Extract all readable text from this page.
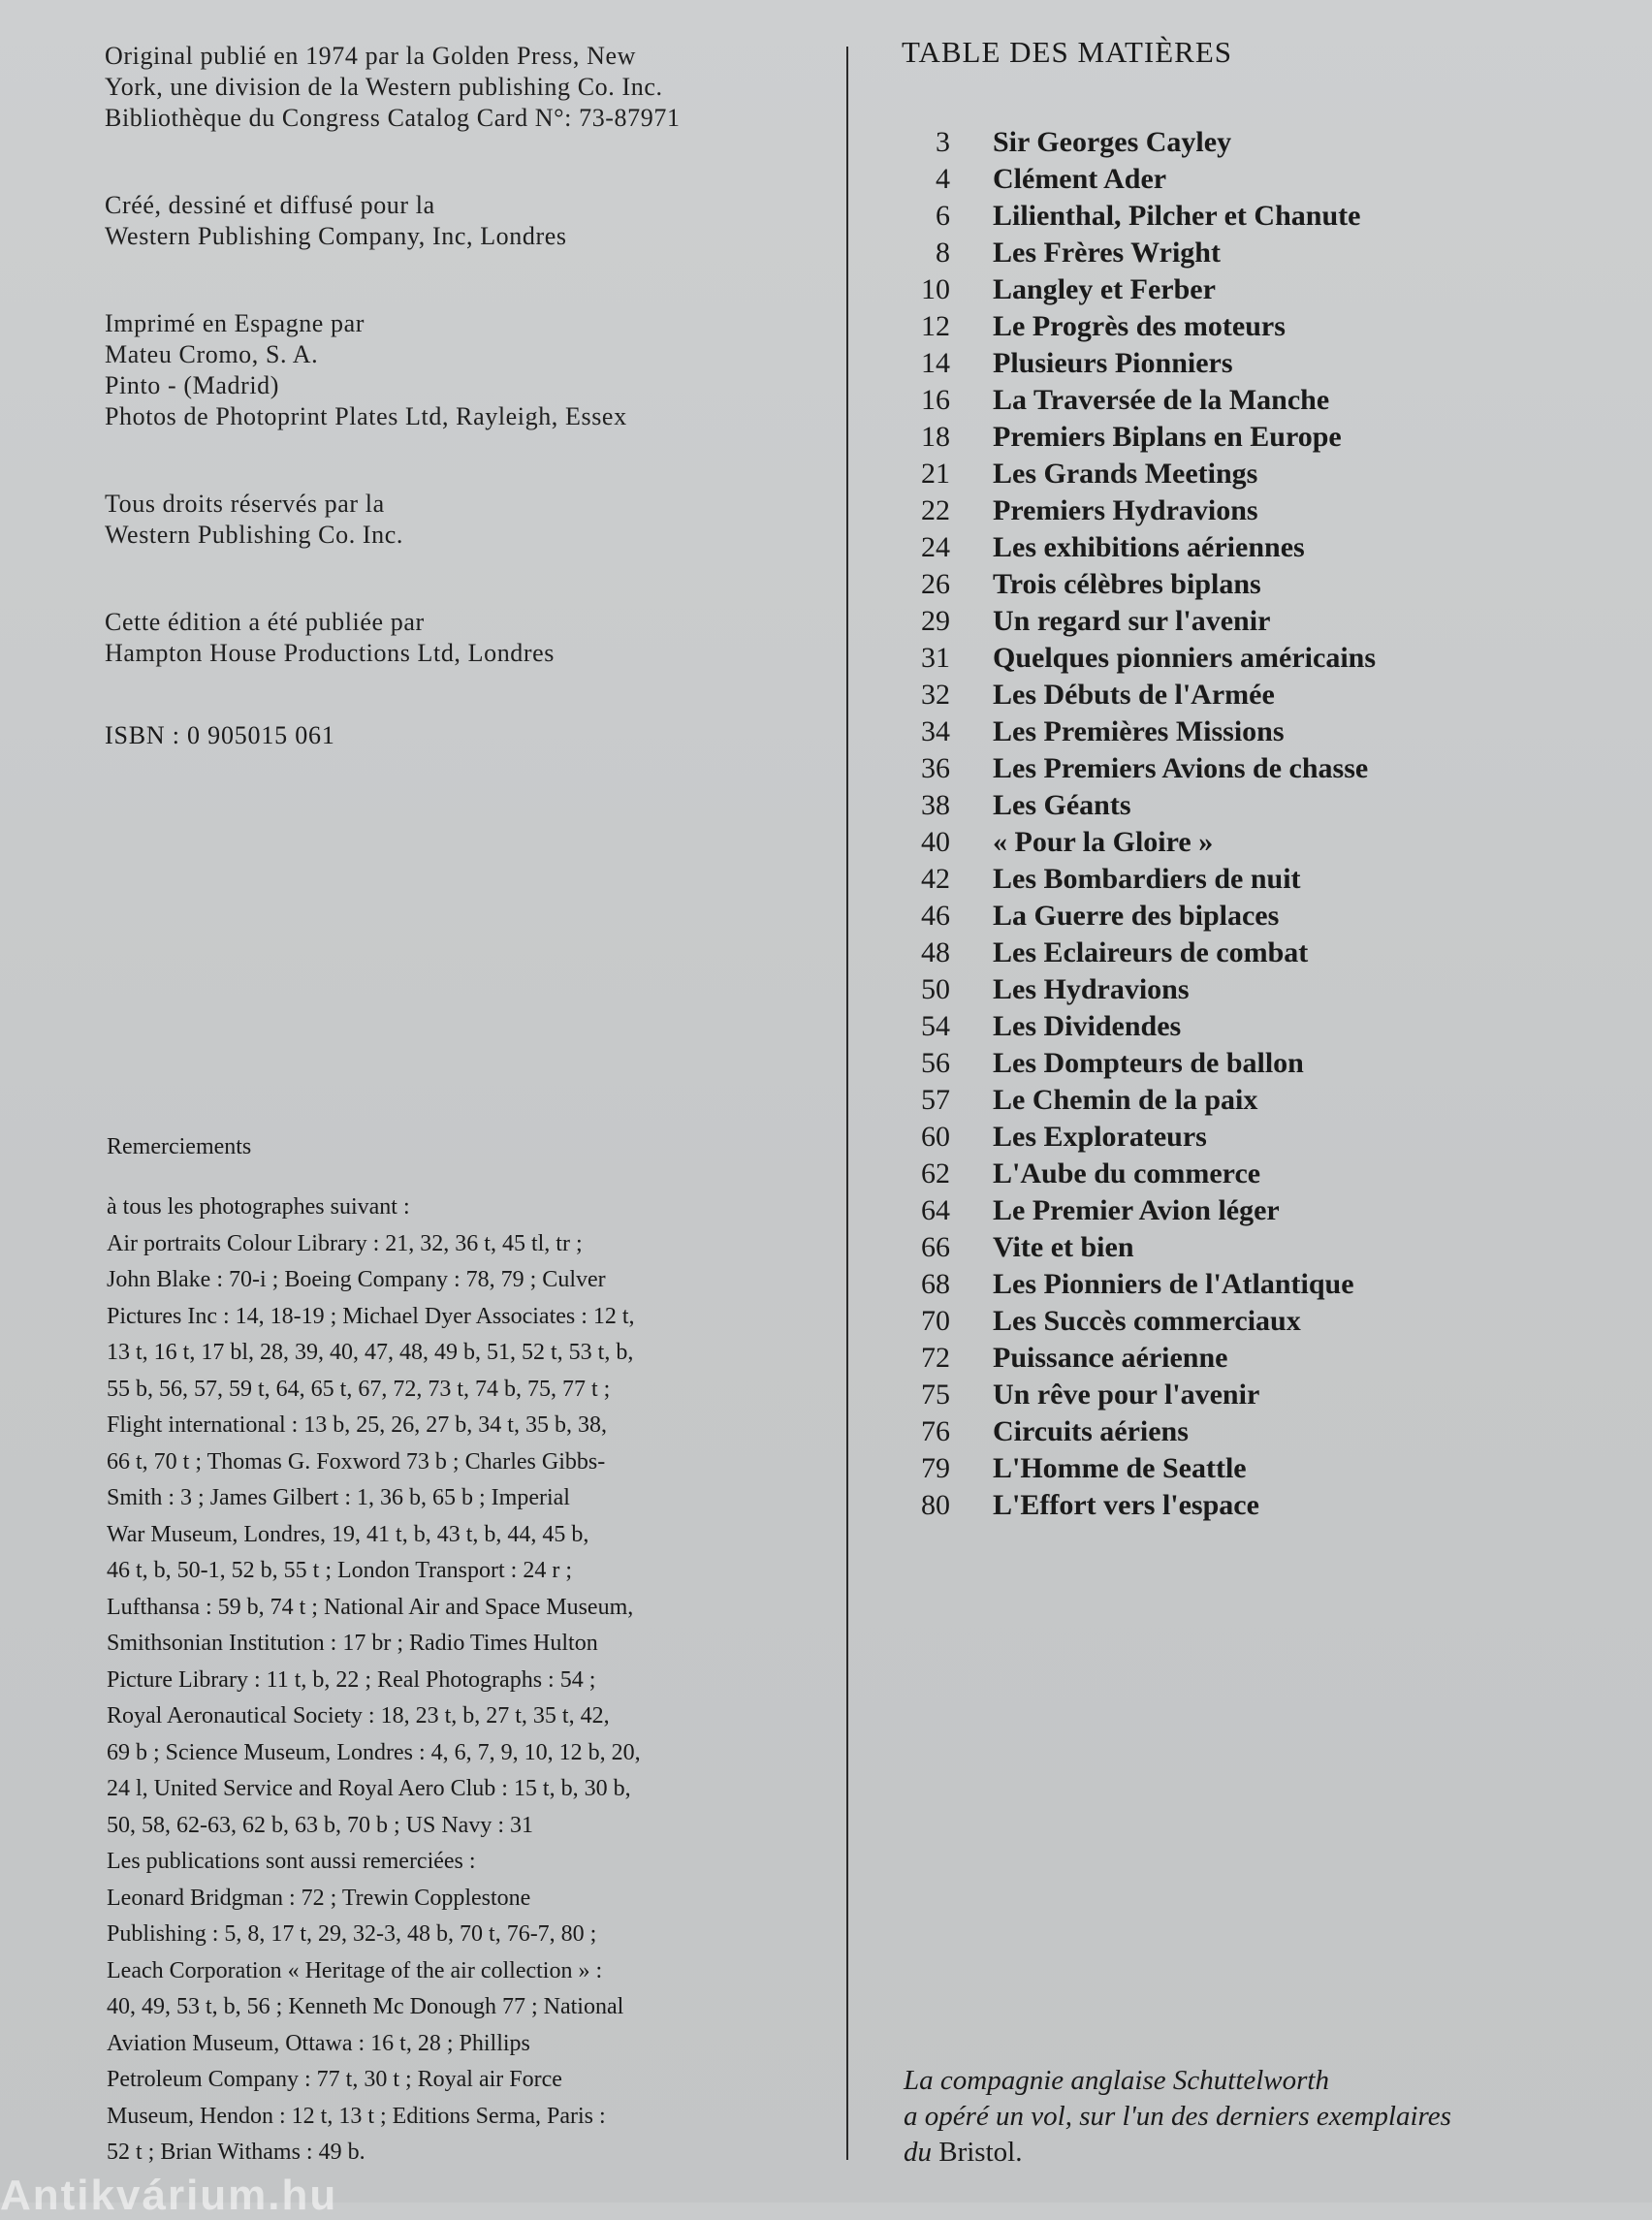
Original publié en 1974 par la Golden Press, New
York, une division de la Western publishing Co. Inc.
Bibliothèque du Congress Catalog Card N°: 73-87971
Créé, dessiné et diffusé pour la
Western Publishing Company, Inc, Londres
Imprimé en Espagne par
Mateu Cromo, S. A.
Pinto - (Madrid)
Photos de Photoprint Plates Ltd, Rayleigh, Essex
Tous droits réservés par la
Western Publishing Co. Inc.
Cette édition a été publiée par
Hampton House Productions Ltd, Londres
ISBN : 0 905015 061
Remerciements
à tous les photographes suivant :
Air portraits Colour Library : 21, 32, 36 t, 45 tl, tr ;
John Blake : 70-i ; Boeing Company : 78, 79 ; Culver
Pictures Inc : 14, 18-19 ; Michael Dyer Associates : 12 t,
13 t, 16 t, 17 bl, 28, 39, 40, 47, 48, 49 b, 51, 52 t, 53 t, b,
55 b, 56, 57, 59 t, 64, 65 t, 67, 72, 73 t, 74 b, 75, 77 t ;
Flight international : 13 b, 25, 26, 27 b, 34 t, 35 b, 38,
66 t, 70 t ; Thomas G. Foxword 73 b ; Charles Gibbs-
Smith : 3 ; James Gilbert : 1, 36 b, 65 b ; Imperial
War Museum, Londres, 19, 41 t, b, 43 t, b, 44, 45 b,
46 t, b, 50-1, 52 b, 55 t ; London Transport : 24 r ;
Lufthansa : 59 b, 74 t ; National Air and Space Museum,
Smithsonian Institution : 17 br ; Radio Times Hulton
Picture Library : 11 t, b, 22 ; Real Photographs : 54 ;
Royal Aeronautical Society : 18, 23 t, b, 27 t, 35 t, 42,
69 b ; Science Museum, Londres : 4, 6, 7, 9, 10, 12 b, 20,
24 l, United Service and Royal Aero Club : 15 t, b, 30 b,
50, 58, 62-63, 62 b, 63 b, 70 b ; US Navy : 31
Les publications sont aussi remerciées :
Leonard Bridgman : 72 ; Trewin Copplestone
Publishing : 5, 8, 17 t, 29, 32-3, 48 b, 70 t, 76-7, 80 ;
Leach Corporation « Heritage of the air collection » :
40, 49, 53 t, b, 56 ; Kenneth Mc Donough 77 ; National
Aviation Museum, Ottawa : 16 t, 28 ; Phillips
Petroleum Company : 77 t, 30 t ; Royal air Force
Museum, Hendon : 12 t, 13 t ; Editions Serma, Paris :
52 t ; Brian Withams : 49 b.
TABLE DES MATIÈRES
3 Sir Georges Cayley
4 Clément Ader
6 Lilienthal, Pilcher et Chanute
8 Les Frères Wright
10 Langley et Ferber
12 Le Progrès des moteurs
14 Plusieurs Pionniers
16 La Traversée de la Manche
18 Premiers Biplans en Europe
21 Les Grands Meetings
22 Premiers Hydravions
24 Les exhibitions aériennes
26 Trois célèbres biplans
29 Un regard sur l'avenir
31 Quelques pionniers américains
32 Les Débuts de l'Armée
34 Les Premières Missions
36 Les Premiers Avions de chasse
38 Les Géants
40 « Pour la Gloire »
42 Les Bombardiers de nuit
46 La Guerre des biplaces
48 Les Eclaireurs de combat
50 Les Hydravions
54 Les Dividendes
56 Les Dompteurs de ballon
57 Le Chemin de la paix
60 Les Explorateurs
62 L'Aube du commerce
64 Le Premier Avion léger
66 Vite et bien
68 Les Pionniers de l'Atlantique
70 Les Succès commerciaux
72 Puissance aérienne
75 Un rêve pour l'avenir
76 Circuits aériens
79 L'Homme de Seattle
80 L'Effort vers l'espace
La compagnie anglaise Schuttelworth
a opéré un vol, sur l'un des derniers exemplaires
du Bristol.
Antikvárium.hu
